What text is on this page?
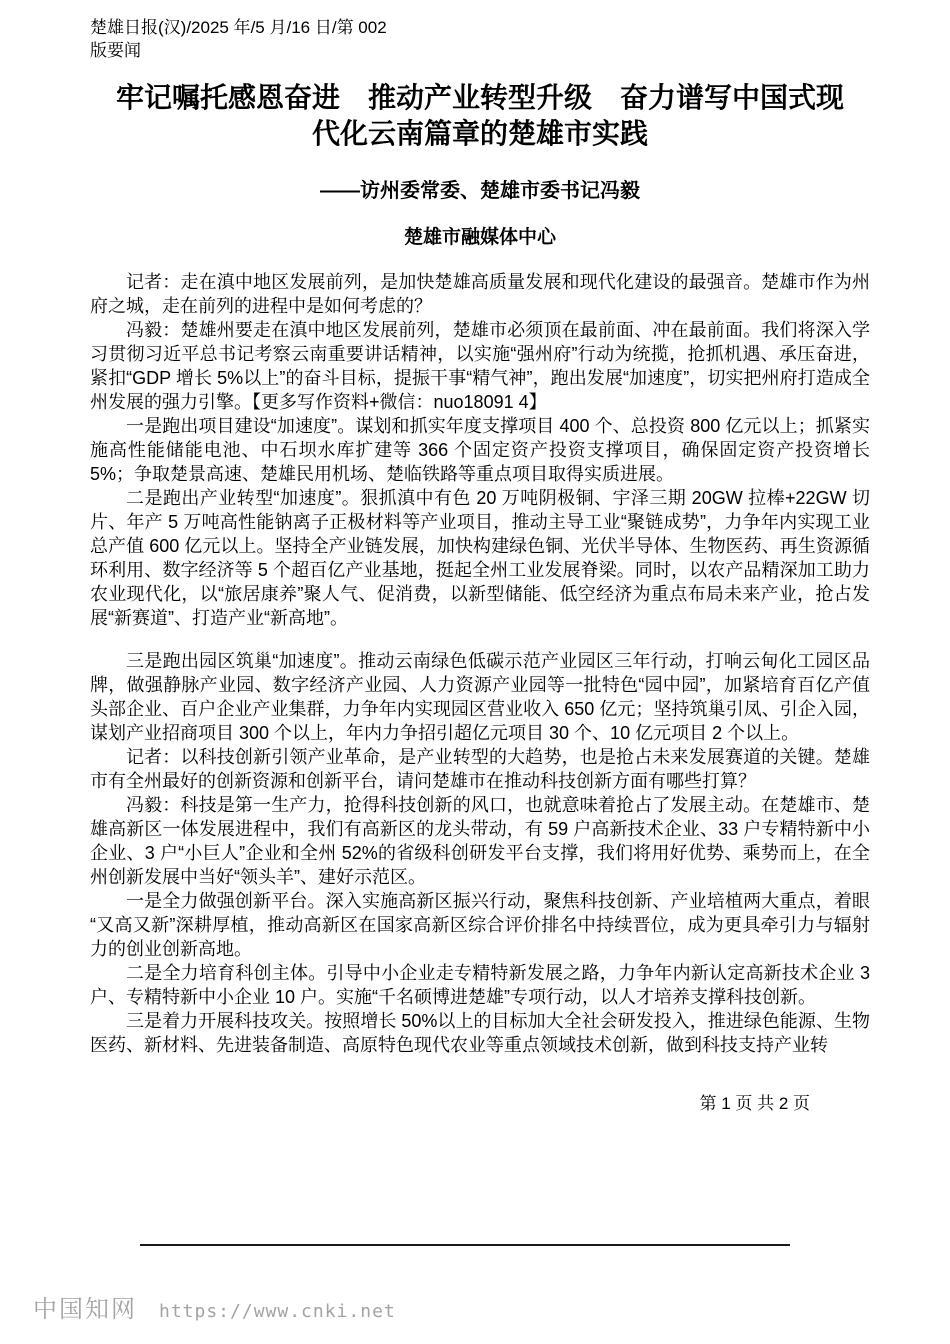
楚雄日报(汉)/2025 年/5 月/16 日/第 002
版要闻
牢记嘱托感恩奋进　推动产业转型升级　奋力谱写中国式现
代化云南篇章的楚雄市实践
——访州委常委、楚雄市委书记冯毅
楚雄市融媒体中心

记者：走在滇中地区发展前列，是加快楚雄高质量发展和现代化建设的最强音。楚雄市作为州府之城，走在前列的进程中是如何考虑的？

冯毅：楚雄州要走在滇中地区发展前列，楚雄市必须顶在最前面、冲在最前面。我们将深入学习贯彻习近平总书记考察云南重要讲话精神，以实施“强州府”行动为统揽，抢抓机遇、承压奋进，紧扣“GDP 增长 5%以上”的奋斗目标，提振干事“精气神”，跑出发展“加速度”，切实把州府打造成全州发展的强力引擎。【更多写作资料+微信：nuo18091 4】

一是跑出项目建设“加速度”。谋划和抓实年度支撑项目 400 个、总投资 800 亿元以上；抓紧实施高性能储能电池、中石坝水库扩建等 366 个固定资产投资支撑项目，确保固定资产投资增长 5%；争取楚景高速、楚雄民用机场、楚临铁路等重点项目取得实质进展。

二是跑出产业转型“加速度”。狠抓滇中有色 20 万吨阴极铜、宇泽三期 20GW 拉棒+22GW 切片、年产 5 万吨高性能钠离子正极材料等产业项目，推动主导工业“聚链成势”，力争年内实现工业总产值 600 亿元以上。坚持全产业链发展，加快构建绿色铜、光伏半导体、生物医药、再生资源循环利用、数字经济等 5 个超百亿产业基地，挺起全州工业发展脊梁。同时，以农产品精深加工助力农业现代化，以“旅居康养”聚人气、促消费，以新型储能、低空经济为重点布局未来产业，抢占发展“新赛道”、打造产业“新高地”。

三是跑出园区筑巢“加速度”。推动云南绿色低碳示范产业园区三年行动，打响云甸化工园区品牌，做强静脉产业园、数字经济产业园、人力资源产业园等一批特色“园中园”，加紧培育百亿产值头部企业、百户企业产业集群，力争年内实现园区营业收入 650 亿元；坚持筑巢引凤、引企入园，谋划产业招商项目 300 个以上，年内力争招引超亿元项目 30 个、10 亿元项目 2 个以上。

记者：以科技创新引领产业革命，是产业转型的大趋势，也是抢占未来发展赛道的关键。楚雄市有全州最好的创新资源和创新平台，请问楚雄市在推动科技创新方面有哪些打算？

冯毅：科技是第一生产力，抢得科技创新的风口，也就意味着抢占了发展主动。在楚雄市、楚雄高新区一体发展进程中，我们有高新区的龙头带动，有 59 户高新技术企业、33 户专精特新中小企业、3 户“小巨人”企业和全州 52%的省级科创研发平台支撑，我们将用好优势、乘势而上，在全州创新发展中当好“领头羊”、建好示范区。

一是全力做强创新平台。深入实施高新区振兴行动，聚焦科技创新、产业培植两大重点，着眼“又高又新”深耕厚植，推动高新区在国家高新区综合评价排名中持续晋位，成为更具牵引力与辐射力的创业创新高地。

二是全力培育科创主体。引导中小企业走专精特新发展之路，力争年内新认定高新技术企业 3 户、专精特新中小企业 10 户。实施“千名硕博进楚雄”专项行动，以人才培养支撑科技创新。

三是着力开展科技攻关。按照增长 50%以上的目标加大全社会研发投入，推进绿色能源、生物医药、新材料、先进装备制造、高原特色现代农业等重点领域技术创新，做到科技支持产业转

第 1 页 共 2 页
中国知网 https://www.cnki.net
